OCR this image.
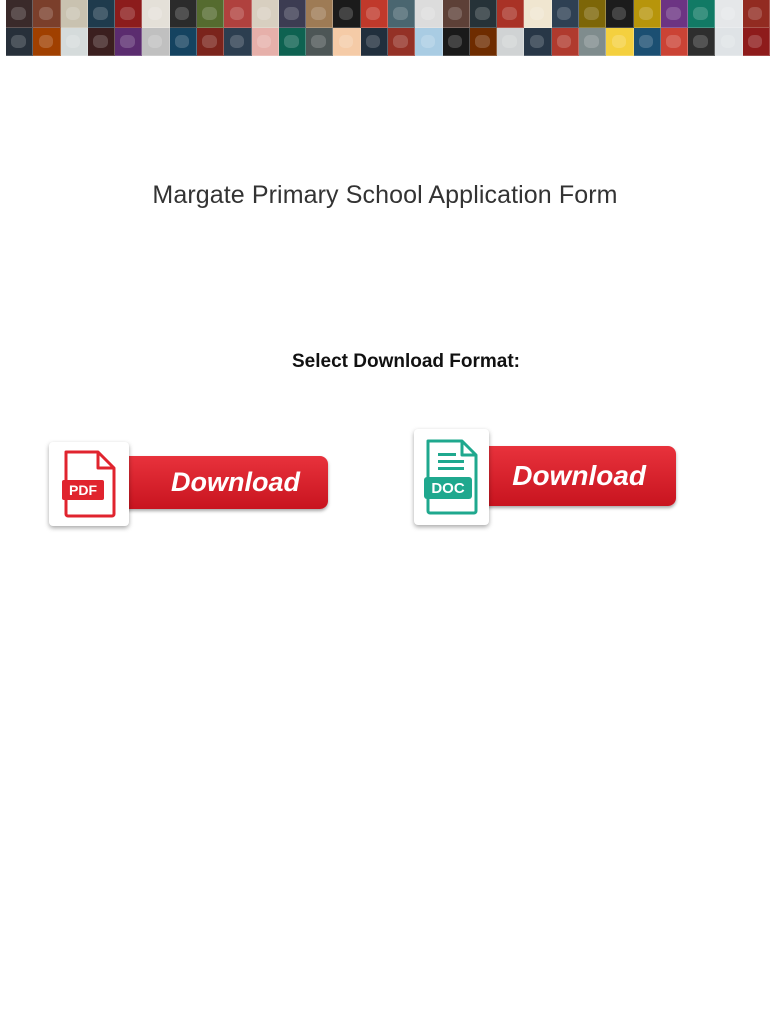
Margate Primary School Application Form
Select Download Format:
Download
PDF	Download
DOC
